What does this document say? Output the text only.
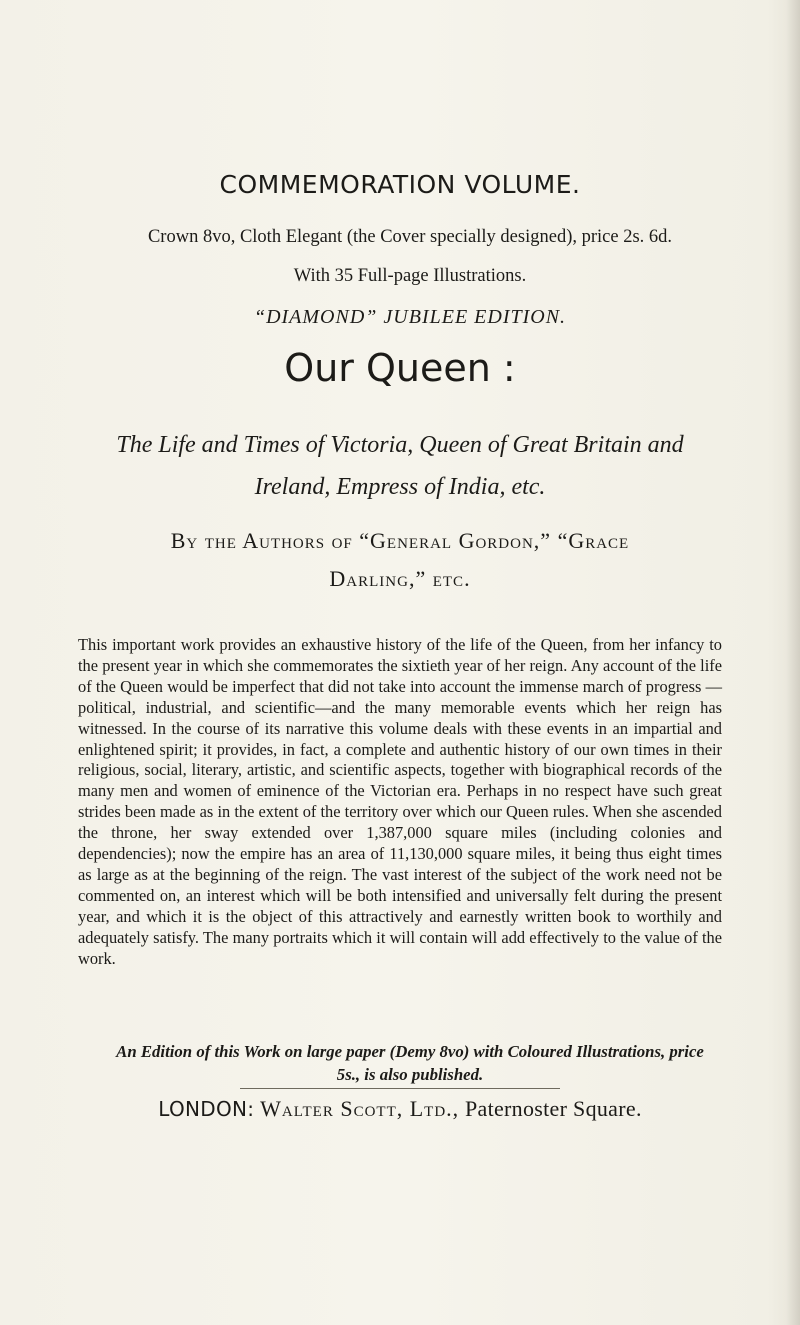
COMMEMORATION VOLUME.
Crown 8vo, Cloth Elegant (the Cover specially designed), price 2s. 6d.
With 35 Full-page Illustrations.
“DIAMOND” JUBILEE EDITION.
Our Queen :
The Life and Times of Victoria, Queen of Great Britain and Ireland, Empress of India, etc.
By the Authors of “General Gordon,” “Grace Darling,” etc.
This important work provides an exhaustive history of the life of the Queen, from her infancy to the present year in which she commemorates the sixtieth year of her reign. Any account of the life of the Queen would be imperfect that did not take into account the immense march of progress —political, industrial, and scientific—and the many memorable events which her reign has witnessed. In the course of its narrative this volume deals with these events in an impartial and enlightened spirit; it provides, in fact, a complete and authentic history of our own times in their religious, social, literary, artistic, and scientific aspects, together with biographical records of the many men and women of eminence of the Victorian era. Perhaps in no respect have such great strides been made as in the extent of the territory over which our Queen rules. When she ascended the throne, her sway extended over 1,387,000 square miles (including colonies and dependencies); now the empire has an area of 11,130,000 square miles, it being thus eight times as large as at the beginning of the reign. The vast interest of the subject of the work need not be commented on, an interest which will be both intensified and universally felt during the present year, and which it is the object of this attractively and earnestly written book to worthily and adequately satisfy. The many portraits which it will contain will add effectively to the value of the work.
An Edition of this Work on large paper (Demy 8vo) with Coloured Illustrations, price 5s., is also published.
LONDON: Walter Scott, Ltd., Paternoster Square.
